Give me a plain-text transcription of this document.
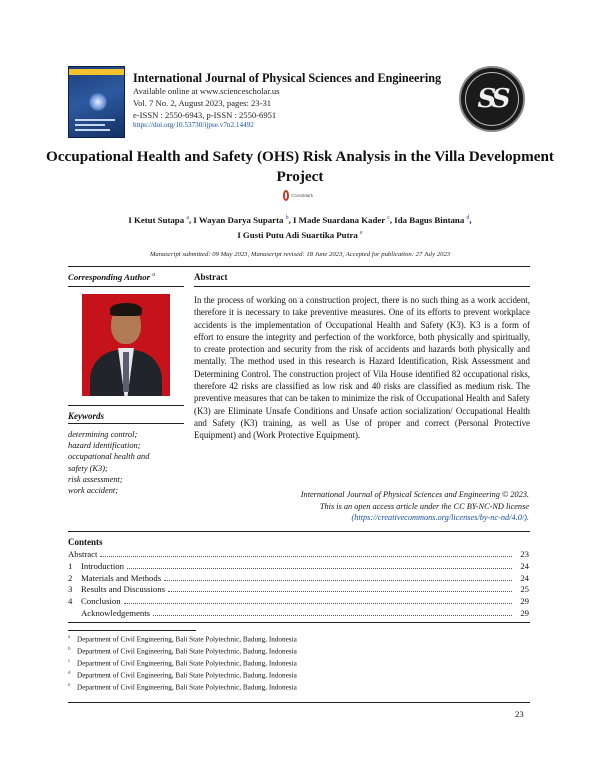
International Journal of Physical Sciences and Engineering
Available online at www.sciencescholar.us
Vol. 7 No. 2, August 2023, pages: 23-31
e-ISSN : 2550-6943, p-ISSN : 2550-6951
https://doi.org/10.53730/ijpse.v7n2.14492
SS
Occupational Health and Safety (OHS) Risk Analysis in the Villa Development Project
CrossMark
I Ketut Sutapa $^a$, I Wayan Darya Suparta $^b$, I Made Suardana Kader $^c$, Ida Bagus Bintana $^d$,
I Gusti Putu Adi Suartika Putra $^e$
Manuscript submitted: 09 May 2023, Manuscript revised: 18 June 2023, Accepted for publication: 27 July 2023
Corresponding Author $^a$	Abstract
Keywords
determining control;
hazard identification;
occupational health and
safety (K3);
risk assessment;
work accident;
In the process of working on a construction project, there is no such thing as a work accident, therefore it is necessary to take preventive measures. One of its efforts to prevent workplace accidents is the implementation of Occupational Health and Safety (K3). K3 is a form of effort to ensure the integrity and perfection of the workforce, both physically and spiritually, to create protection and security from the risk of accidents and hazards both physically and mentally. The method used in this research is Hazard Identification, Risk Assessment and Determining Control. The construction project of Vila House identified 82 occupational risks, therefore 42 risks are classified as low risk and 40 risks are classified as medium risk. The preventive measures that can be taken to minimize the risk of Occupational Health and Safety (K3) are Eliminate Unsafe Conditions and Unsafe action socialization/ Occupational Health and Safety (K3) training, as well as Use of proper and correct (Personal Protective Equipment) and (Work Protective Equipment).
International Journal of Physical Sciences and Engineering © 2023.
This is an open access article under the CC BY-NC-ND license
(https://creativecommons.org/licenses/by-nc-nd/4.0/).
Contents
Abstract	23
1 Introduction	24
2 Materials and Methods	24
3 Results and Discussions	25
4 Conclusion	29
Acknowledgements	29
$^a$ Department of Civil Engineering, Bali State Polytechnic, Badung, Indonesia
$^b$ Department of Civil Engineering, Bali State Polytechnic, Badung, Indonesia
$^c$ Department of Civil Engineering, Bali State Polytechnic, Badung, Indonesia
$^d$ Department of Civil Engineering, Bali State Polytechnic, Badung, Indonesia
$^e$ Department of Civil Engineering, Bali State Polytechnic, Badung, Indonesia
23
